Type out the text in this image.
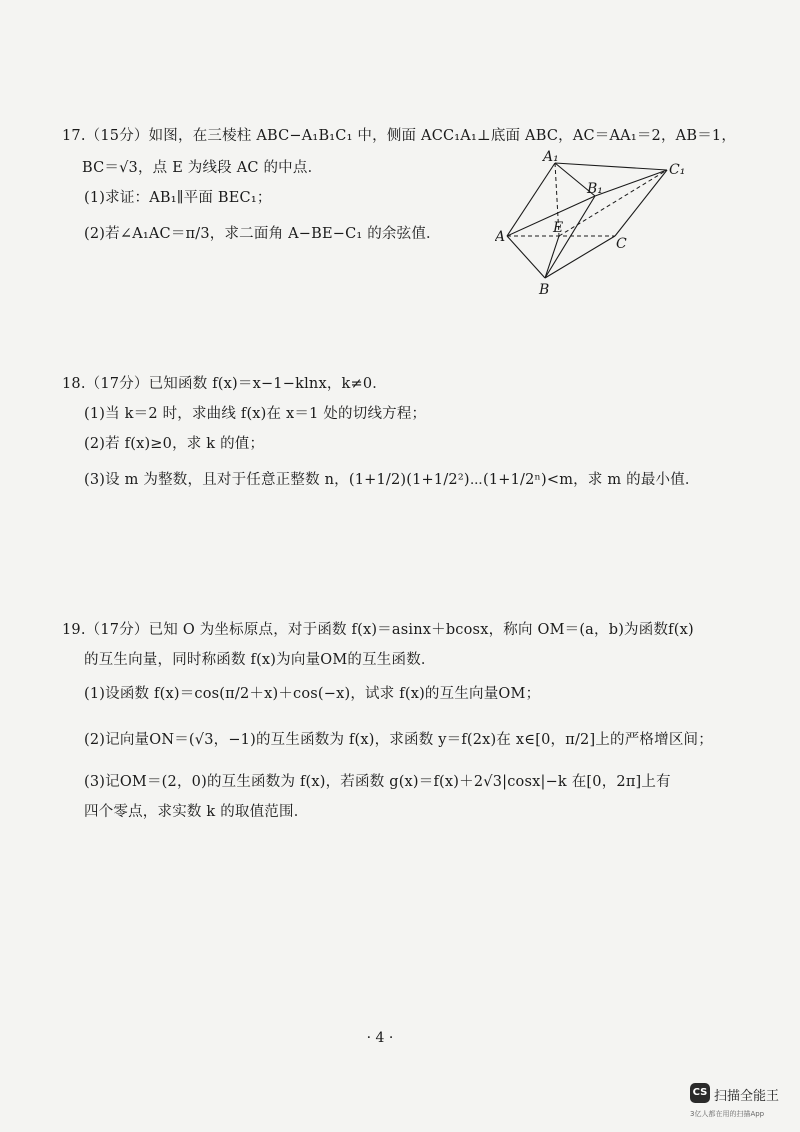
17.（15分）如图，在三棱柱 ABC−A₁B₁C₁ 中，侧面 ACC₁A₁⊥底面 ABC，AC＝AA₁＝2，AB＝1，
BC＝√3，点 E 为线段 AC 的中点．
(1)求证：AB₁∥平面 BEC₁；
(2)若∠A₁AC＝π/3，求二面角 A−BE−C₁ 的余弦值．
A₁
B₁
C₁
A
E
C
B
18.（17分）已知函数 f(x)＝x−1−klnx，k≠0．
(1)当 k＝2 时，求曲线 f(x)在 x＝1 处的切线方程；
(2)若 f(x)≥0，求 k 的值；
(3)设 m 为整数，且对于任意正整数 n，(1+1/2)(1+1/2²)⋯(1+1/2ⁿ)<m，求 m 的最小值．
19.（17分）已知 O 为坐标原点，对于函数 f(x)＝asinx＋bcosx，称向 OM＝(a，b)为函数f(x)
的互生向量，同时称函数 f(x)为向量OM的互生函数．
(1)设函数 f(x)＝cos(π/2＋x)＋cos(−x)，试求 f(x)的互生向量OM；
(2)记向量ON＝(√3，−1)的互生函数为 f(x)，求函数 y＝f(2x)在 x∈[0，π/2]上的严格增区间；
(3)记OM＝(2，0)的互生函数为 f(x)，若函数 g(x)＝f(x)＋2√3|cosx|−k 在[0，2π]上有
四个零点，求实数 k 的取值范围．
· 4 ·
CS 扫描全能王
3亿人都在用的扫描App
